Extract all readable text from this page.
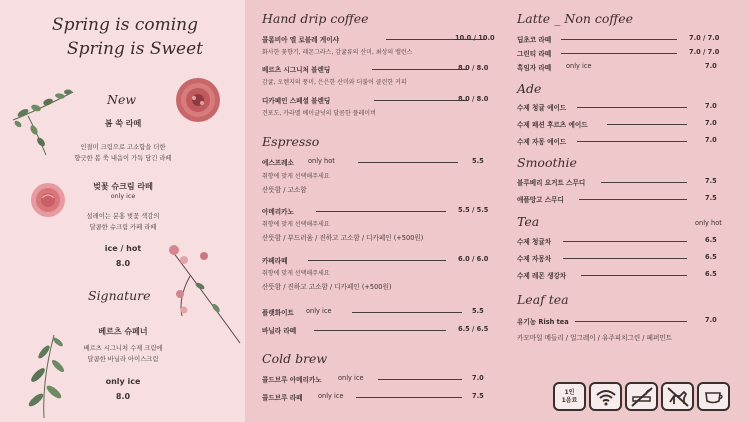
Spring is coming
Spring is Sweet
New
봄 쑥 라떼
인절미 크림으로 고소함을 더한
향긋한 봄 쑥 내음이 가득 담긴 라떼
벚꽃 슈크림 라떼
only ice
설레이는 분홍 벚꽃 색감의
달콤한 슈크림 카페 라떼
ice / hot
8.0
Signature
베르츠 슈페너
베르츠 시그니처 수제 크림에
달콤한 바닐라 아이스크림
only ice
8.0
Hand drip coffee
콜롬비아 엘 로블레 게이샤	10.0 / 10.0
화사한 꽃향기, 레몬그라스, 감귤류의 산미, 최상의 밸런스
베르츠 시그니처 블렌딩	8.0 / 8.0
감귤, 오렌지의 풍미, 은은한 산미와 더불어 클린한 커피
디카페인 스페셜 블렌딩	8.0 / 8.0
견포도, 카라멜 베이글넛의 달콤한 플레이버
Espresso
에스프레소 only hot	5.5
취향에 맞게 선택해주세요
산뜻함 / 고소함
아메리카노	5.5 / 5.5
취향에 맞게 선택해주세요
산뜻함 / 부드러움 / 진하고 고소함 / 디카페인 (+500원)
카페라떼	6.0 / 6.0
취향에 맞게 선택해주세요
산뜻함 / 진하고 고소함 / 디카페인 (+500원)
플랫화이트 only ice	5.5
바닐라 라떼	6.5 / 6.5
Cold brew
콜드브루 아메리카노 only ice	7.0
콜드브루 라떼 only ice	7.5
Latte _ Non coffee
딥초코 라떼	7.0 / 7.0
그린티 라떼	7.0 / 7.0
흑임자 라떼 only ice	7.0
Ade
수제 청귤 에이드	7.0
수제 패션 후르츠 에이드	7.0
수제 자몽 에이드	7.0
Smoothie
블루베리 요거트 스무디	7.5
애플망고 스무디	7.5
Tea	only hot
수제 청귤차	6.5
수제 자몽차	6.5
수제 레몬 생강차	6.5
Leaf tea
유기농 Rish tea	7.0
카모마일 메들리 / 얼그레이 / 유주피치그린 / 페퍼민트
1인
1음료
